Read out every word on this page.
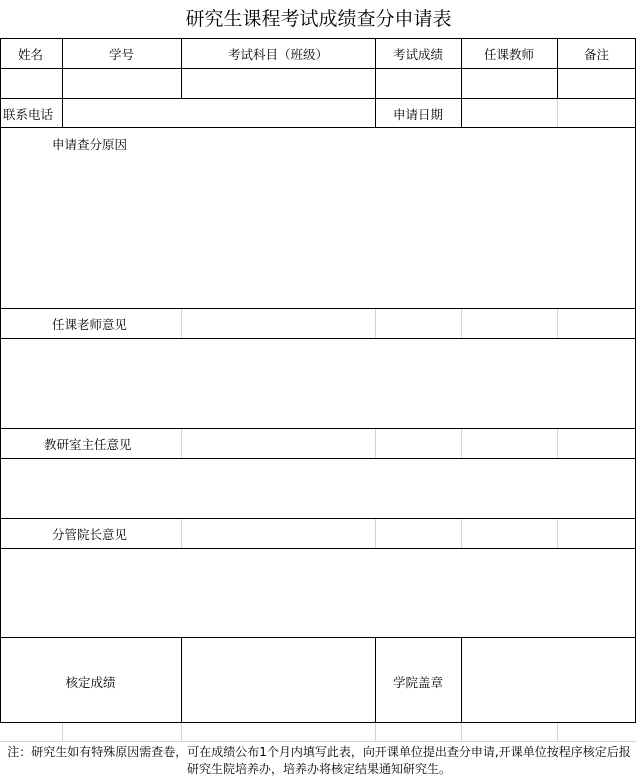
研究生课程考试成绩查分申请表
姓名	学号	考试科目（班级）	考试成绩	任课教师	备注
联系电话	申请日期
申请查分原因
任课老师意见
教研室主任意见
分管院长意见
核定成绩	学院盖章
注：研究生如有特殊原因需查卷，可在成绩公布1个月内填写此表，向开课单位提出查分申请,开课单位按程序核定后报研究生院培养办，培养办将核定结果通知研究生。
